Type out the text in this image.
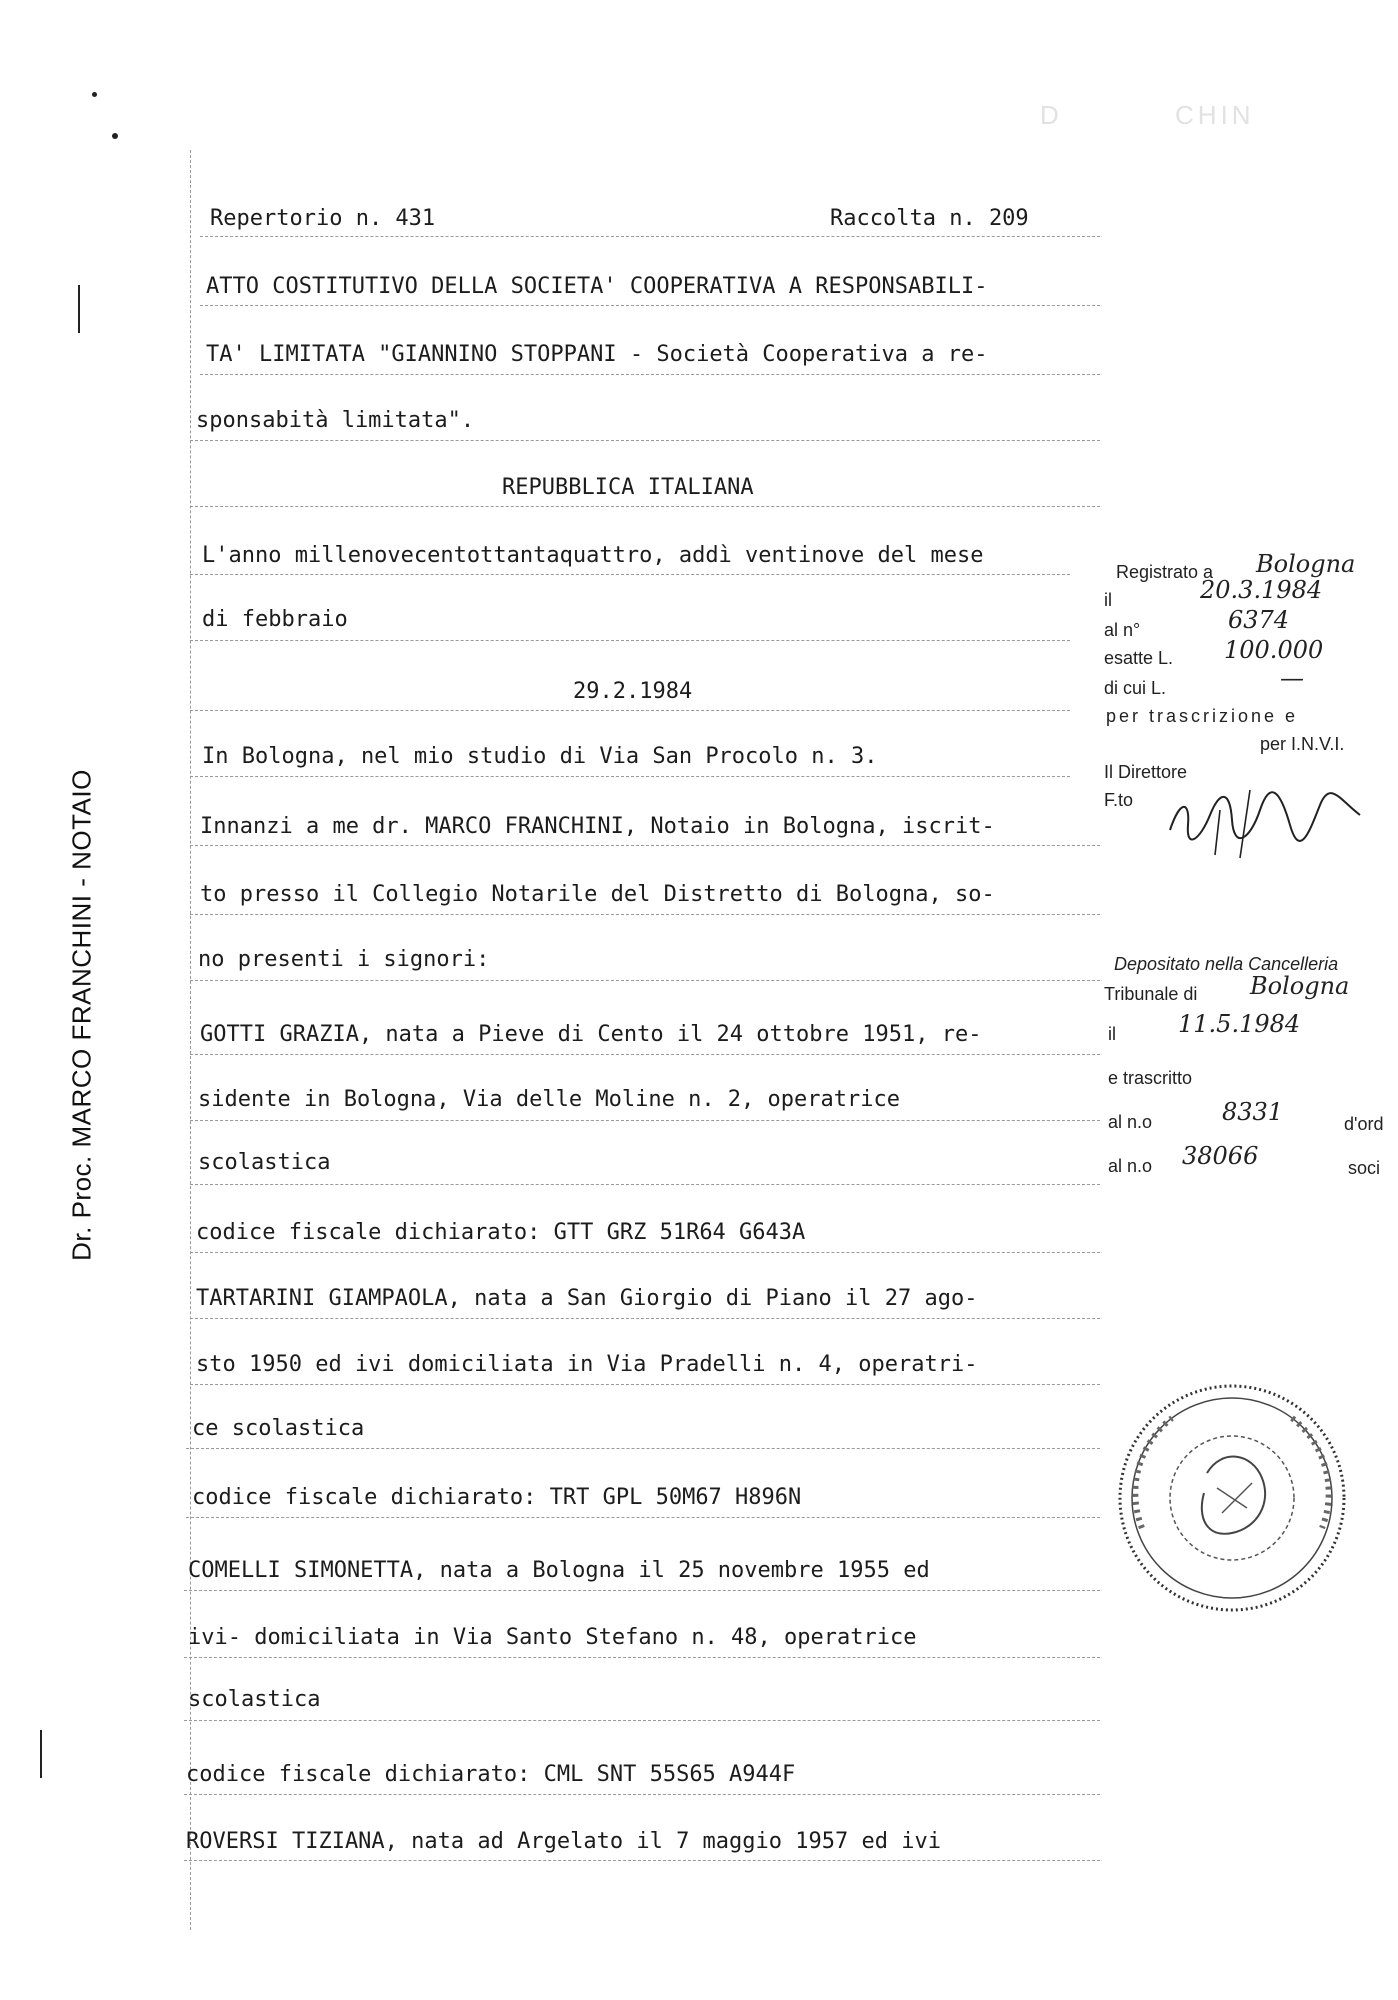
D          CHIN
Dr. Proc. MARCO FRANCHINI - NOTAIO
Repertorio n. 431	Raccolta n. 209
ATTO COSTITUTIVO DELLA SOCIETA' COOPERATIVA A RESPONSABILI-
TA' LIMITATA "GIANNINO STOPPANI - Società Cooperativa a re-
sponsabità limitata".
REPUBBLICA ITALIANA
L'anno millenovecentottantaquattro, addì ventinove del mese
di febbraio
29.2.1984
In Bologna, nel mio studio di Via San Procolo n. 3.
Innanzi a me dr. MARCO FRANCHINI, Notaio in Bologna, iscrit-
to presso il Collegio Notarile del Distretto di Bologna, so-
no presenti i signori:
GOTTI GRAZIA, nata a Pieve di Cento il 24 ottobre 1951, re-
sidente in Bologna, Via delle Moline n. 2, operatrice
scolastica
codice fiscale dichiarato: GTT GRZ 51R64 G643A
TARTARINI GIAMPAOLA, nata a San Giorgio di Piano il 27 ago-
sto 1950 ed ivi domiciliata in Via Pradelli n. 4, operatri-
ce scolastica
codice fiscale dichiarato: TRT GPL 50M67 H896N
COMELLI SIMONETTA, nata a Bologna il 25 novembre 1955 ed
ivi- domiciliata in Via Santo Stefano n. 48, operatrice
scolastica
codice fiscale dichiarato: CML SNT 55S65 A944F
ROVERSI TIZIANA, nata ad Argelato il 7 maggio 1957 ed ivi
Registrato a Bologna
il	20.3.1984
al n°	6374
esatte L. 100.000
di cui L.	—
per trascrizione e
per I.N.V.I.
Il Direttore
F.to
Depositato nella Cancelleria
Tribunale di Bologna
il	11.5.1984
e trascritto
al n.o	8331	d'ord
al n.o 38066	soci
